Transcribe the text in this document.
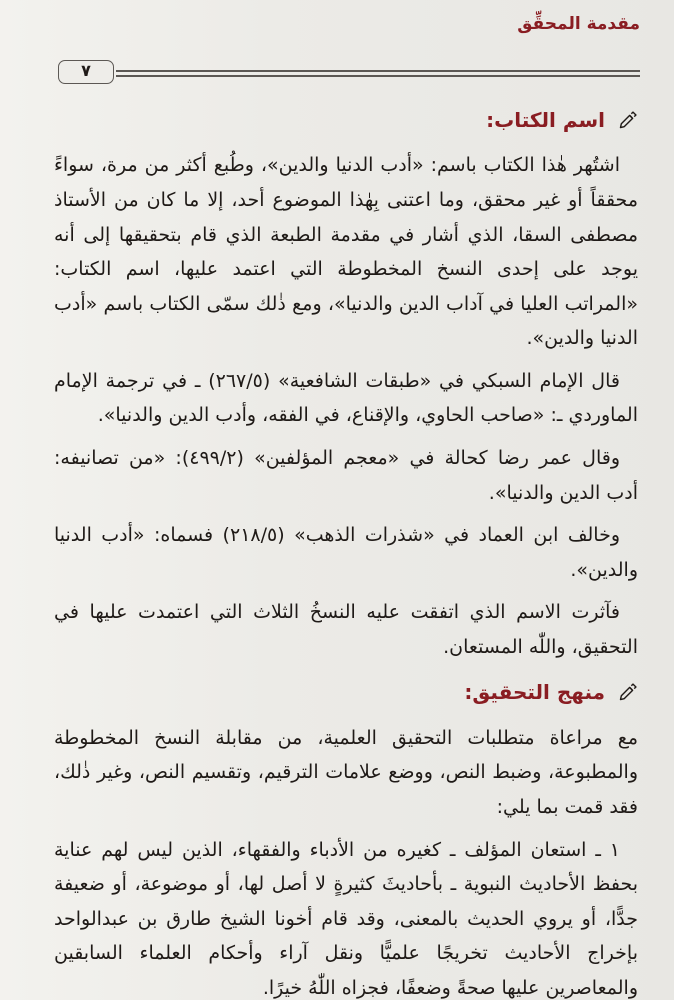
مقدمة المحقِّق
٧
اسم الكتاب:

اشتُهر هٰذا الكتاب باسم: «أدب الدنيا والدين»، وطُبع أكثر من مرة، سواءً محققاً أو غير محقق، وما اعتنى بِهٰذا الموضوع أحد، إلا ما كان من الأستاذ مصطفى السقا، الذي أشار في مقدمة الطبعة الذي قام بتحقيقها إلى أنه يوجد على إحدى النسخ المخطوطة التي اعتمد عليها، اسم الكتاب: «المراتب العليا في آداب الدين والدنيا»، ومع ذٰلك سمّى الكتاب باسم «أدب الدنيا والدين».

قال الإمام السبكي في «طبقات الشافعية» (٢٦٧/٥) ـ في ترجمة الإمام الماوردي ـ: «صاحب الحاوي، والإقناع، في الفقه، وأدب الدين والدنيا».

وقال عمر رضا كحالة في «معجم المؤلفين» (٤٩٩/٢): «من تصانيفه: أدب الدين والدنيا».

وخالف ابن العماد في «شذرات الذهب» (٢١٨/٥) فسماه: «أدب الدنيا والدين».

فآثرت الاسم الذي اتفقت عليه النسخُ الثلاث التي اعتمدت عليها في التحقيق، واللّٰه المستعان.

منهج التحقيق:

مع مراعاة متطلبات التحقيق العلمية، من مقابلة النسخ المخطوطة والمطبوعة، وضبط النص، ووضع علامات الترقيم، وتقسيم النص، وغير ذٰلك، فقد قمت بما يلي:

١ ـ استعان المؤلف ـ كغيره من الأدباء والفقهاء، الذين ليس لهم عناية بحفظ الأحاديث النبوية ـ بأحاديثَ كثيرةٍ لا أصل لها، أو موضوعة، أو ضعيفة جدًّا، أو يروي الحديث بالمعنى، وقد قام أخونا الشيخ طارق بن عبدالواحد بإخراج الأحاديث تخريجًا علميًّا ونقل آراء وأحكام العلماء السابقين والمعاصرين عليها صحةً وضعفًا، فجزاه اللّٰهُ خيرًا.
